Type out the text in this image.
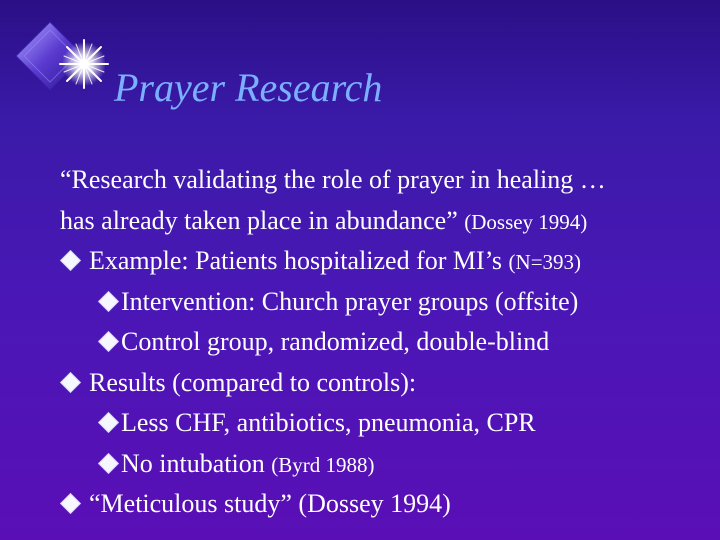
Prayer Research
“Research validating the role of prayer in healing …
has already taken place in abundance” (Dossey 1994)
Example: Patients hospitalized for MI’s (N=393)
Intervention: Church prayer groups (offsite)
Control group, randomized, double-blind
Results (compared to controls):
Less CHF, antibiotics, pneumonia, CPR
No intubation (Byrd 1988)
“Meticulous study” (Dossey 1994)
